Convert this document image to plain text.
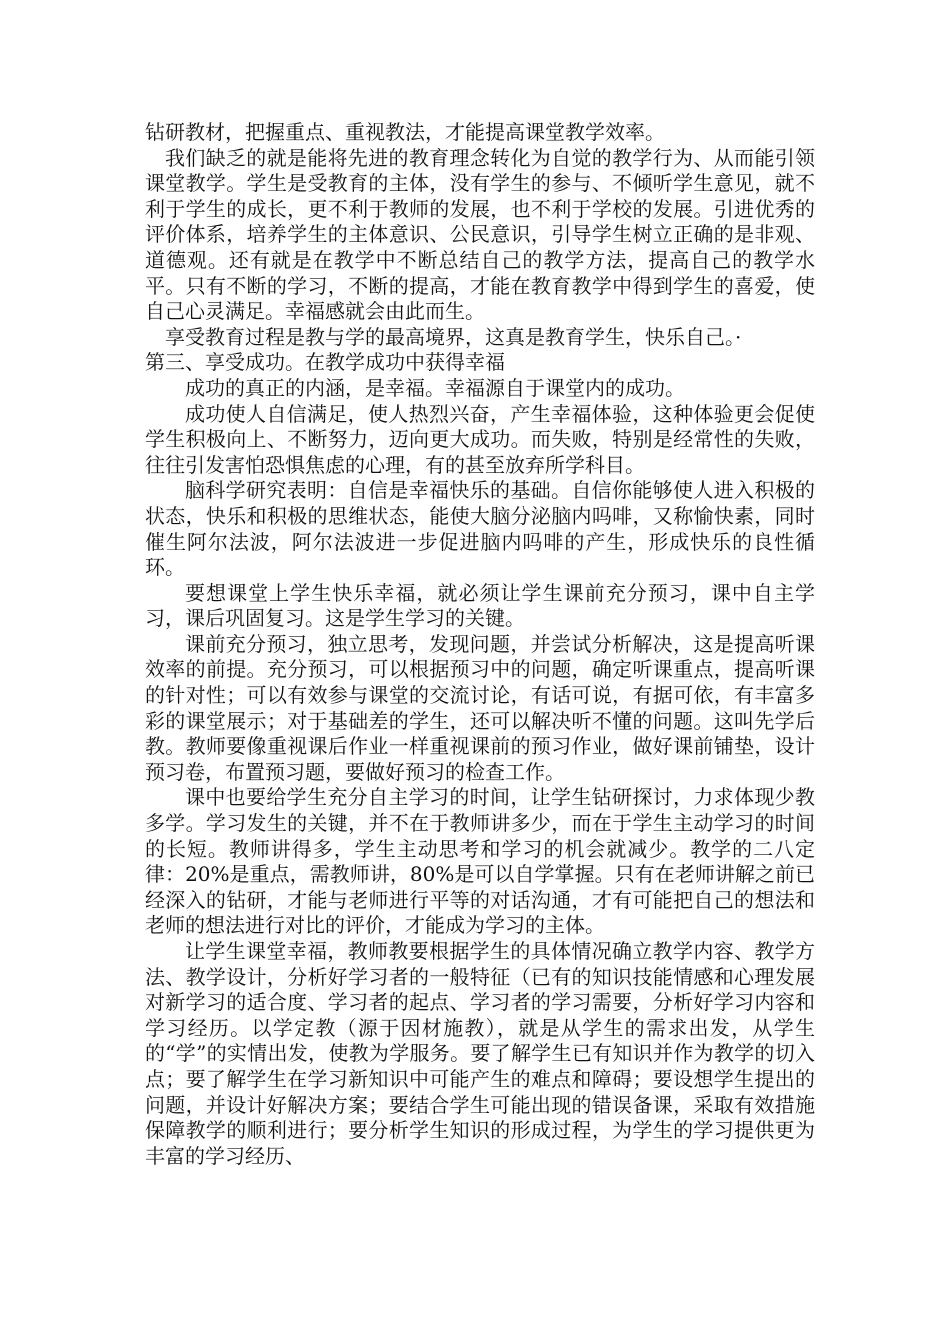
钻研教材，把握重点、重视教法，才能提高课堂教学效率。

我们缺乏的就是能将先进的教育理念转化为自觉的教学行为、从而能引领课堂教学。学生是受教育的主体，没有学生的参与、不倾听学生意见，就不利于学生的成长，更不利于教师的发展，也不利于学校的发展。引进优秀的评价体系，培养学生的主体意识、公民意识，引导学生树立正确的是非观、道德观。还有就是在教学中不断总结自己的教学方法，提高自己的教学水平。只有不断的学习，不断的提高，才能在教育教学中得到学生的喜爱，使自己心灵满足。幸福感就会由此而生。

享受教育过程是教与学的最高境界，这真是教育学生，快乐自己。·

第三、享受成功。在教学成功中获得幸福

成功的真正的内涵，是幸福。幸福源自于课堂内的成功。

成功使人自信满足，使人热烈兴奋，产生幸福体验，这种体验更会促使学生积极向上、不断努力，迈向更大成功。而失败，特别是经常性的失败，往往引发害怕恐惧焦虑的心理，有的甚至放弃所学科目。

脑科学研究表明：自信是幸福快乐的基础。自信你能够使人进入积极的状态，快乐和积极的思维状态，能使大脑分泌脑内吗啡，又称愉快素，同时催生阿尔法波，阿尔法波进一步促进脑内吗啡的产生，形成快乐的良性循环。

要想课堂上学生快乐幸福，就必须让学生课前充分预习，课中自主学习，课后巩固复习。这是学生学习的关键。

课前充分预习，独立思考，发现问题，并尝试分析解决，这是提高听课效率的前提。充分预习，可以根据预习中的问题，确定听课重点，提高听课的针对性；可以有效参与课堂的交流讨论，有话可说，有据可依，有丰富多彩的课堂展示；对于基础差的学生，还可以解决听不懂的问题。这叫先学后教。教师要像重视课后作业一样重视课前的预习作业，做好课前铺垫，设计预习卷，布置预习题，要做好预习的检查工作。

课中也要给学生充分自主学习的时间，让学生钻研探讨，力求体现少教多学。学习发生的关键，并不在于教师讲多少，而在于学生主动学习的时间的长短。教师讲得多，学生主动思考和学习的机会就减少。教学的二八定律：20%是重点，需教师讲，80%是可以自学掌握。只有在老师讲解之前已经深入的钻研，才能与老师进行平等的对话沟通，才有可能把自己的想法和老师的想法进行对比的评价，才能成为学习的主体。

让学生课堂幸福，教师教要根据学生的具体情况确立教学内容、教学方法、教学设计，分析好学习者的一般特征（已有的知识技能情感和心理发展对新学习的适合度、学习者的起点、学习者的学习需要，分析好学习内容和学习经历。以学定教（源于因材施教），就是从学生的需求出发，从学生的“学”的实情出发，使教为学服务。要了解学生已有知识并作为教学的切入点；要了解学生在学习新知识中可能产生的难点和障碍；要设想学生提出的问题，并设计好解决方案；要结合学生可能出现的错误备课，采取有效措施保障教学的顺利进行；要分析学生知识的形成过程，为学生的学习提供更为丰富的学习经历、
